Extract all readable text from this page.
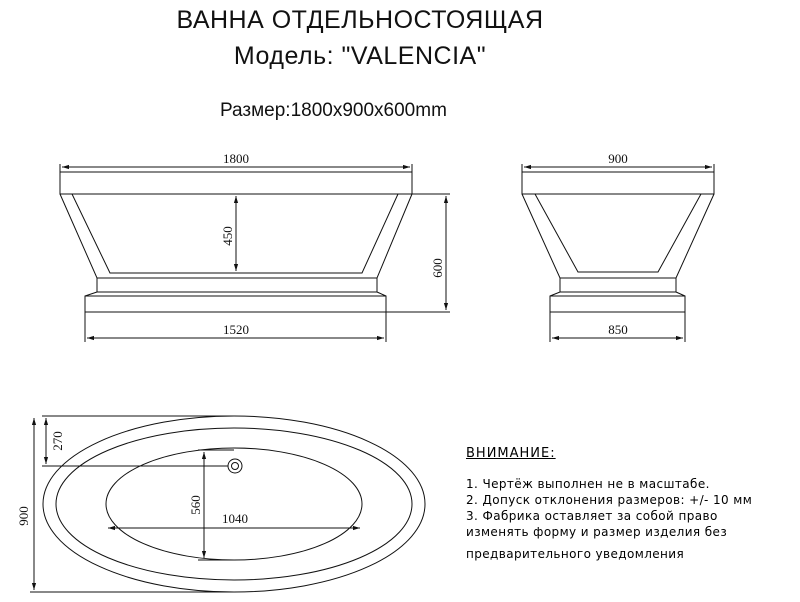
ВАННА ОТДЕЛЬНОСТОЯЩАЯ
Модель: "VALENCIA"
Размер:1800x900x600mm
1800
450
600
1520
900
850
270
900
560
1040
ВНИМАНИЕ:
1. Чертёж выполнен не в масштабе.
2. Допуск отклонения размеров: +/- 10 мм
3. Фабрика оставляет за собой право
изменять форму и размер изделия без
предварительного уведомления
